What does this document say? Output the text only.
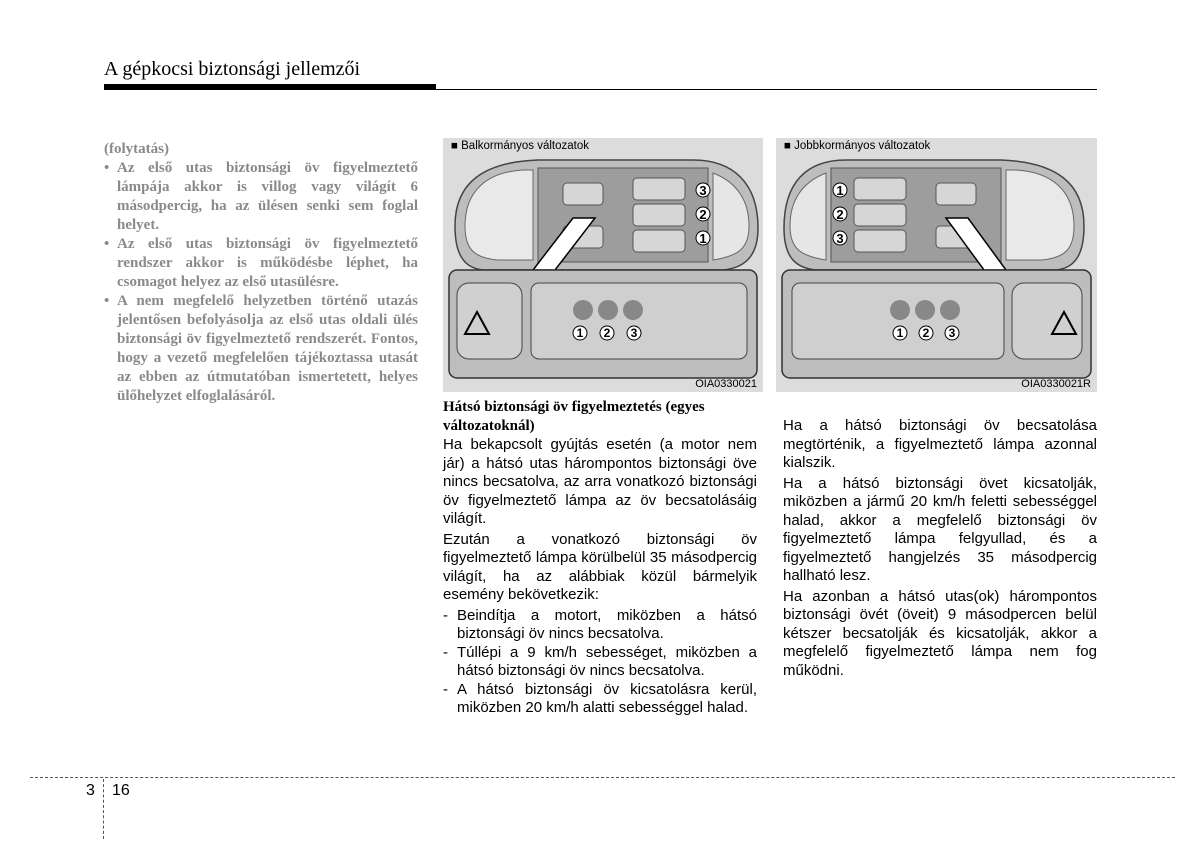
A gépkocsi biztonsági jellemzői
(folytatás)
• Az első utas biztonsági öv figyelmeztető lámpája akkor is villog vagy világít 6 másodpercig, ha az ülésen senki sem foglal helyet.
• Az első utas biztonsági öv figyelmeztető rendszer akkor is működésbe léphet, ha csomagot helyez az első utasülésre.
• A nem megfelelő helyzetben történő utazás jelentősen befolyásolja az első utas oldali ülés biztonsági öv figyelmeztető rendszerét. Fontos, hogy a vezető megfelelően tájékoztassa utasát az ebben az útmutatóban ismertetett, helyes ülőhelyzet elfoglalásáról.
3
2
1
1 2 3
■ Balkormányos változatok
OIA0330021
1
2
3
1 2 3
■ Jobbkormányos változatok
OIA0330021R
Hátsó biztonsági öv figyelmeztetés (egyes változatoknál)

Ha bekapcsolt gyújtás esetén (a motor nem jár) a hátsó utas hárompontos biztonsági öve nincs becsatolva, az arra vonatkozó biztonsági öv figyelmeztető lámpa az öv becsatolásáig világít.

Ezután a vonatkozó biztonsági öv figyelmeztető lámpa körülbelül 35 másodpercig világít, ha az alábbiak közül bármelyik esemény bekövetkezik:

- Beindítja a motort, miközben a hátsó biztonsági öv nincs becsatolva.
- Túllépi a 9 km/h sebességet, miközben a hátsó biztonsági öv nincs becsatolva.
- A hátsó biztonsági öv kicsatolásra kerül, miközben 20 km/h alatti sebességgel halad.

Ha a hátsó biztonsági öv becsatolása megtörténik, a figyelmeztető lámpa azonnal kialszik.

Ha a hátsó biztonsági övet kicsatolják, miközben a jármű 20 km/h feletti sebességgel halad, akkor a megfelelő biztonsági öv figyelmeztető lámpa felgyullad, és a figyelmeztető hangjelzés 35 másodpercig hallható lesz.

Ha azonban a hátsó utas(ok) hárompontos biztonsági övét (öveit) 9 másodpercen belül kétszer becsatolják és kicsatolják, akkor a megfelelő figyelmeztető lámpa nem fog működni.

3 16
